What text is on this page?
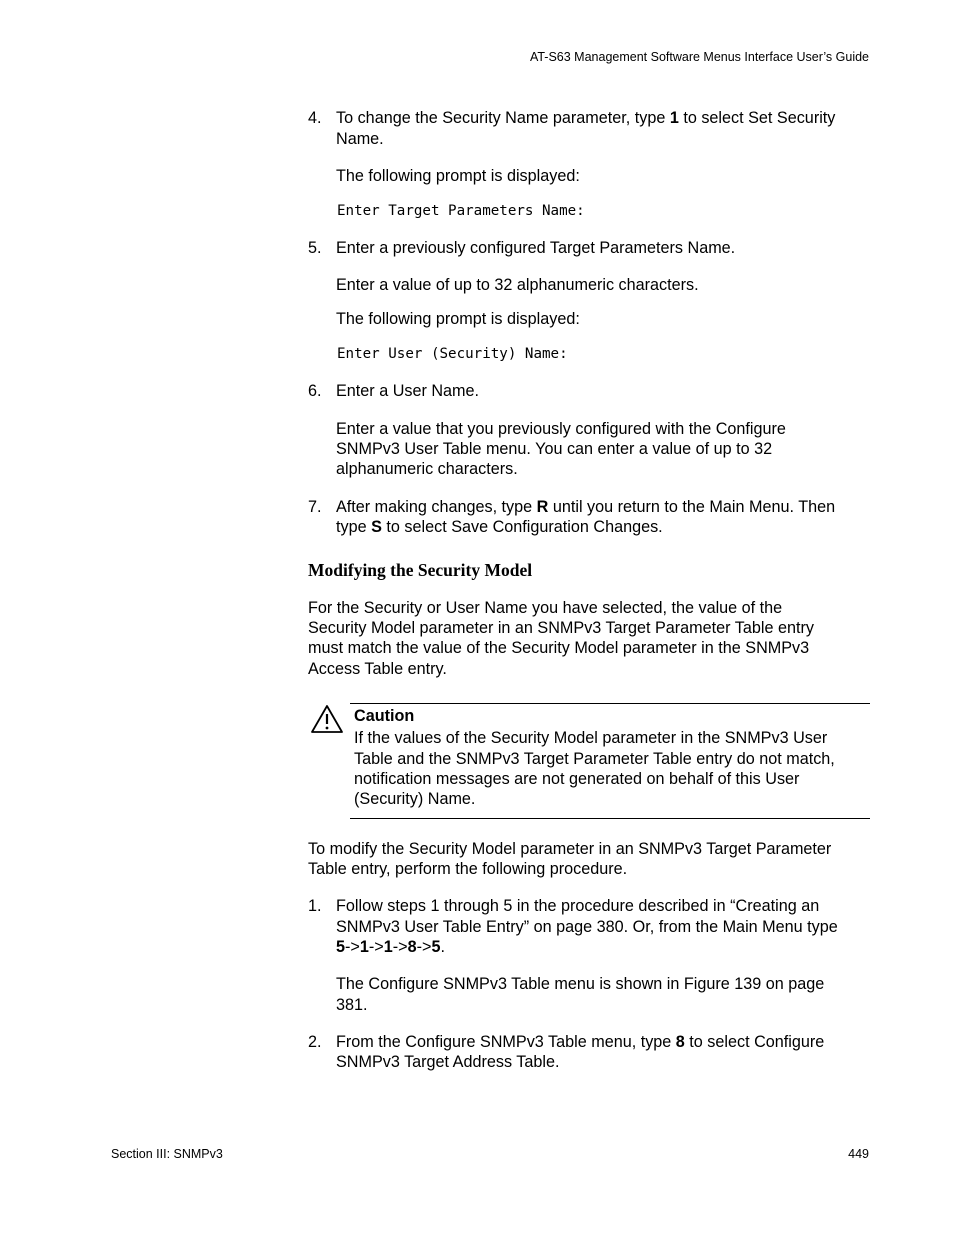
AT-S63 Management Software Menus Interface User’s Guide
4. To change the Security Name parameter, type 1 to select Set Security
Name.
The following prompt is displayed:
Enter Target Parameters Name:
5. Enter a previously configured Target Parameters Name.
Enter a value of up to 32 alphanumeric characters.
The following prompt is displayed:
Enter User (Security) Name:
6. Enter a User Name.
Enter a value that you previously configured with the Configure
SNMPv3 User Table menu. You can enter a value of up to 32
alphanumeric characters.
7. After making changes, type R until you return to the Main Menu. Then
type S to select Save Configuration Changes.
Modifying the Security Model
For the Security or User Name you have selected, the value of the
Security Model parameter in an SNMPv3 Target Parameter Table entry
must match the value of the Security Model parameter in the SNMPv3
Access Table entry.
Caution
If the values of the Security Model parameter in the SNMPv3 User
Table and the SNMPv3 Target Parameter Table entry do not match,
notification messages are not generated on behalf of this User
(Security) Name.
To modify the Security Model parameter in an SNMPv3 Target Parameter
Table entry, perform the following procedure.
1. Follow steps 1 through 5 in the procedure described in “Creating an
SNMPv3 User Table Entry” on page 380. Or, from the Main Menu type
5->1->1->8->5.
The Configure SNMPv3 Table menu is shown in Figure 139 on page
381.
2. From the Configure SNMPv3 Table menu, type 8 to select Configure
SNMPv3 Target Address Table.
Section III: SNMPv3	449
